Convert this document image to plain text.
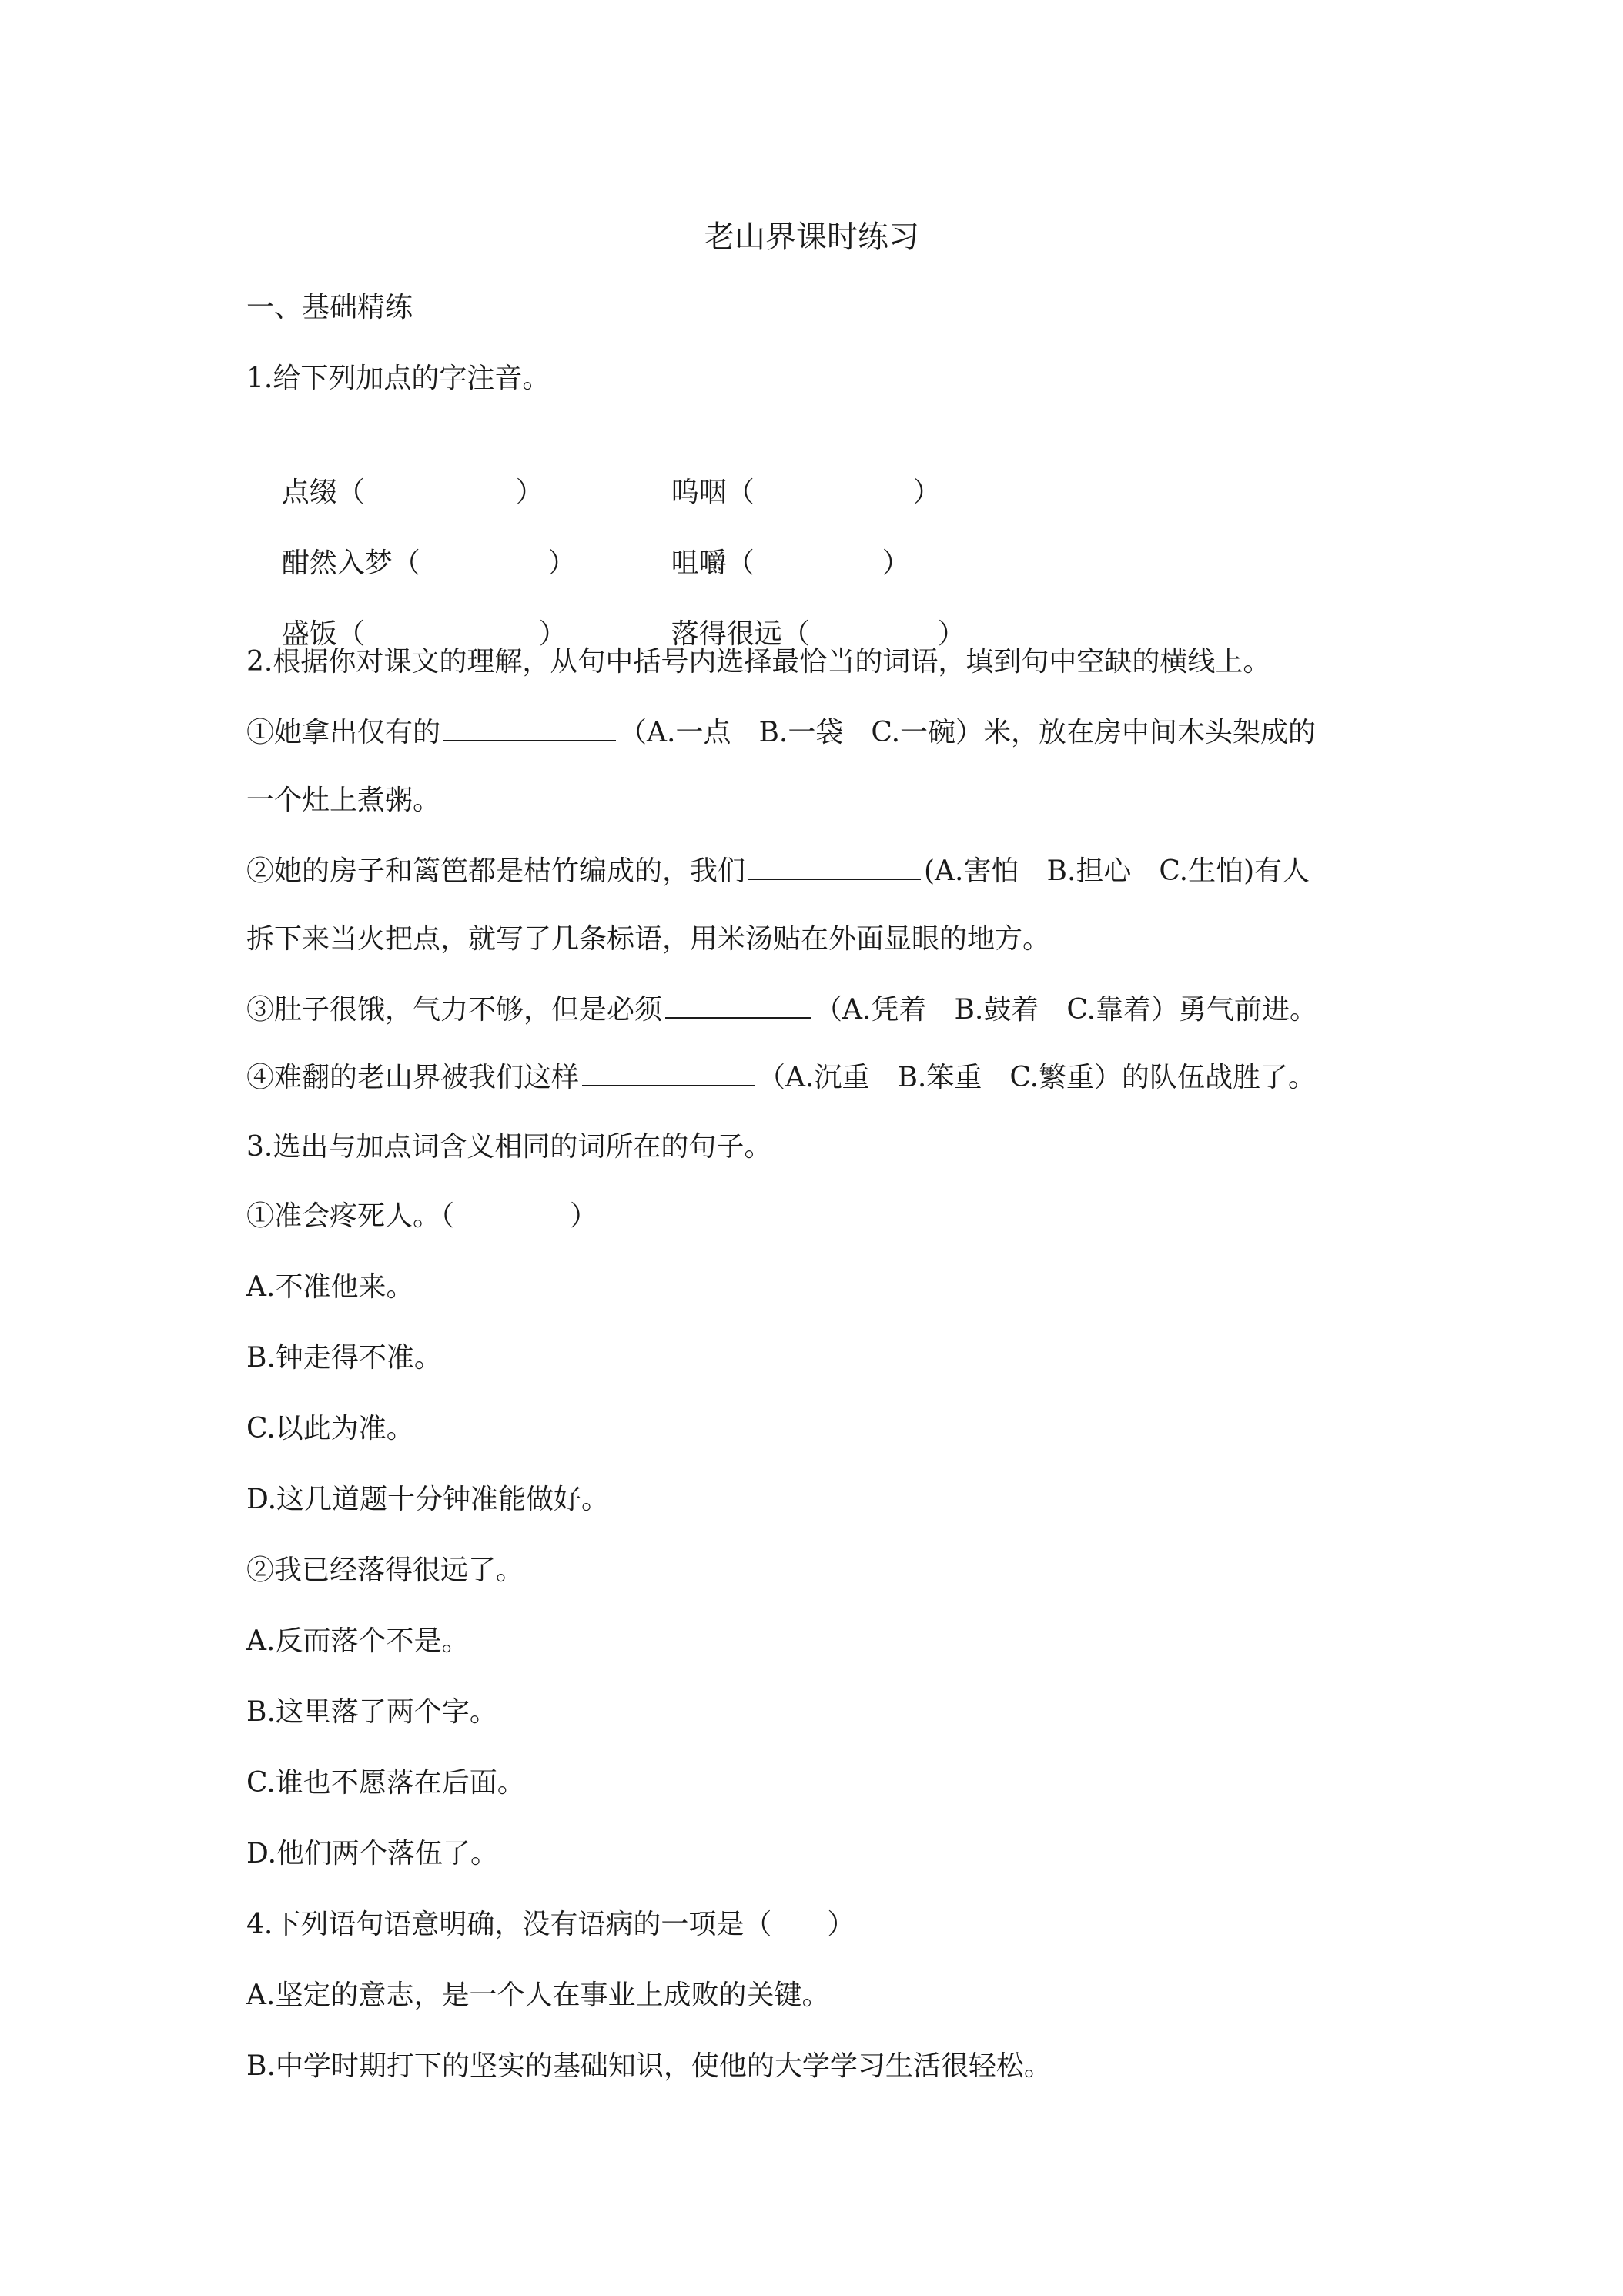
老山界课时练习
一、基础精练
1.给下列加点的字注音。

点缀（	）
	呜咽（	）

酣然入梦（	）
	咀嚼（	）

盛饭（	）
	落得很远（	）

2.根据你对课文的理解，从句中括号内选择最恰当的词语，填到句中空缺的横线上。
①她拿出仅有的	（A.一点　B.一袋　C.一碗）米，放在房中间木头架成的
一个灶上煮粥。
②她的房子和篱笆都是枯竹编成的，我们	(A.害怕　B.担心　C.生怕)有人
拆下来当火把点，就写了几条标语，用米汤贴在外面显眼的地方。
③肚子很饿，气力不够，但是必须	（A.凭着　B.鼓着　C.靠着）勇气前进。
④难翻的老山界被我们这样	（A.沉重　B.笨重　C.繁重）的队伍战胜了。
3.选出与加点词含义相同的词所在的句子。
①准会疼死人。（	）
A.不准他来。
B.钟走得不准。
C.以此为准。
D.这几道题十分钟准能做好。
②我已经落得很远了。
A.反而落个不是。
B.这里落了两个字。
C.谁也不愿落在后面。
D.他们两个落伍了。
4.下列语句语意明确，没有语病的一项是（　　）
A.坚定的意志，是一个人在事业上成败的关键。
B.中学时期打下的坚实的基础知识，使他的大学学习生活很轻松。
